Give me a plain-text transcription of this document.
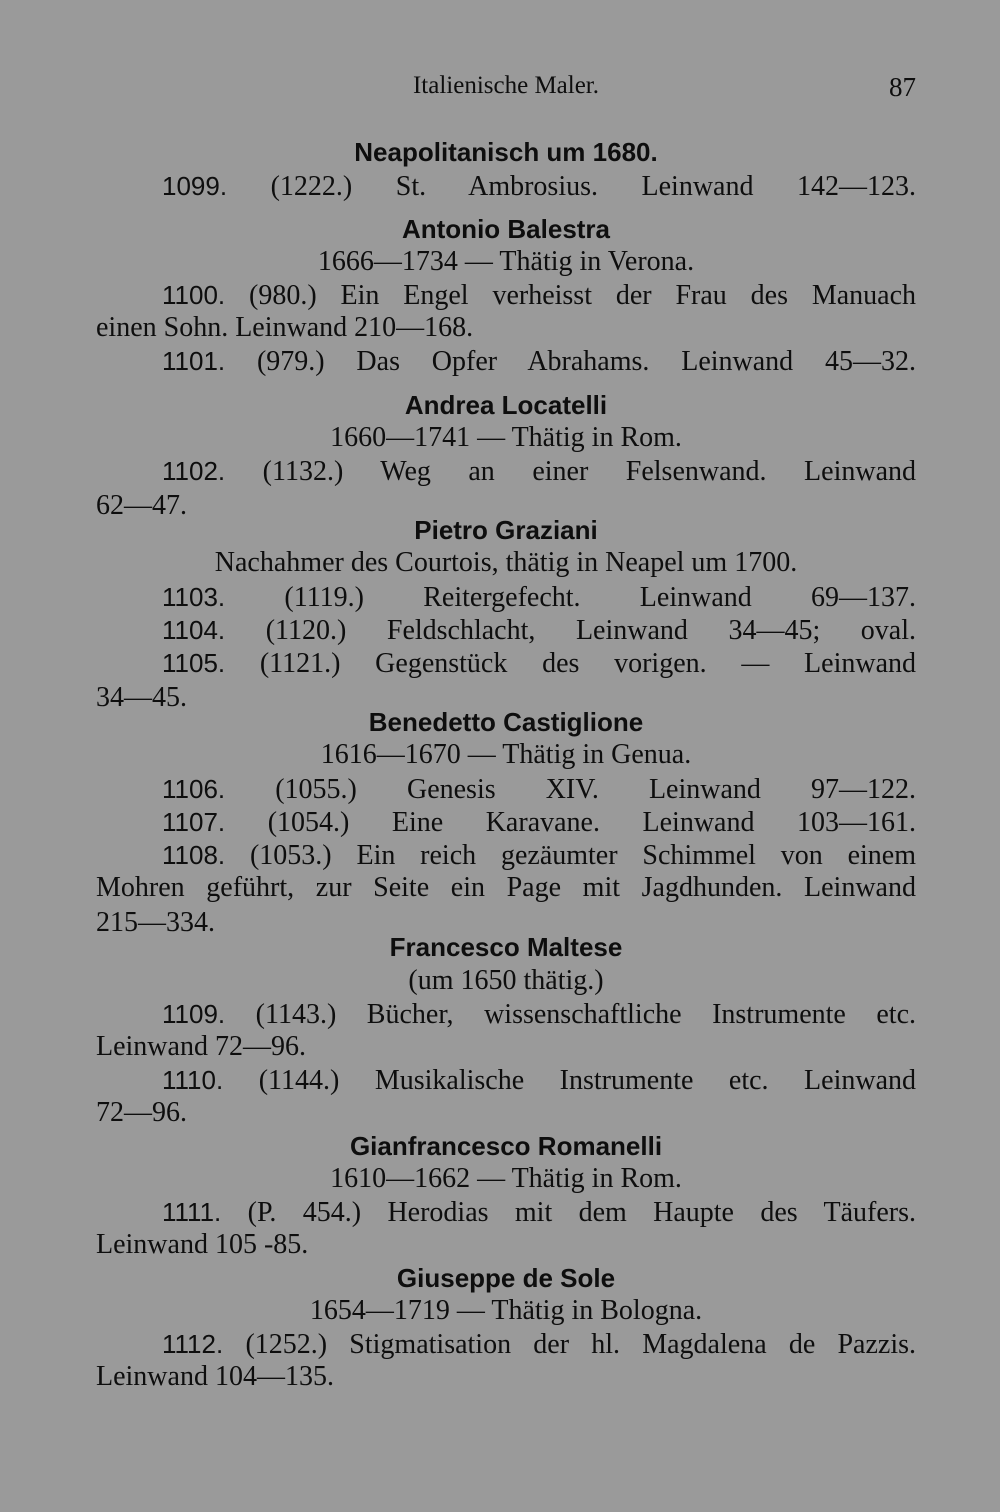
Italienische Maler.	87
Neapolitanisch um 1680.
1099. (1222.) St. Ambrosius. Leinwand 142—123.
Antonio Balestra
1666—1734 — Thätig in Verona.
1100. (980.) Ein Engel verheisst der Frau des Manuach
einen Sohn. Leinwand 210—168.
1101. (979.) Das Opfer Abrahams. Leinwand 45—32.
Andrea Locatelli
1660—1741 — Thätig in Rom.
1102. (1132.) Weg an einer Felsenwand. Leinwand
62—47.
Pietro Graziani
Nachahmer des Courtois, thätig in Neapel um 1700.
1103. (1119.) Reitergefecht. Leinwand 69—137.
1104. (1120.) Feldschlacht, Leinwand 34—45; oval.
1105. (1121.) Gegenstück des vorigen. — Leinwand
34—45.
Benedetto Castiglione
1616—1670 — Thätig in Genua.
1106. (1055.) Genesis XIV. Leinwand 97—122.
1107. (1054.) Eine Karavane. Leinwand 103—161.
1108. (1053.) Ein reich gezäumter Schimmel von einem
Mohren geführt, zur Seite ein Page mit Jagdhunden. Leinwand
215—334.
Francesco Maltese
(um 1650 thätig.)
1109. (1143.) Bücher, wissenschaftliche Instrumente etc.
Leinwand 72—96.
1110. (1144.) Musikalische Instrumente etc. Leinwand
72—96.
Gianfrancesco Romanelli
1610—1662 — Thätig in Rom.
1111. (P. 454.) Herodias mit dem Haupte des Täufers.
Leinwand 105 -85.
Giuseppe de Sole
1654—1719 — Thätig in Bologna.
1112. (1252.) Stigmatisation der hl. Magdalena de Pazzis.
Leinwand 104—135.
